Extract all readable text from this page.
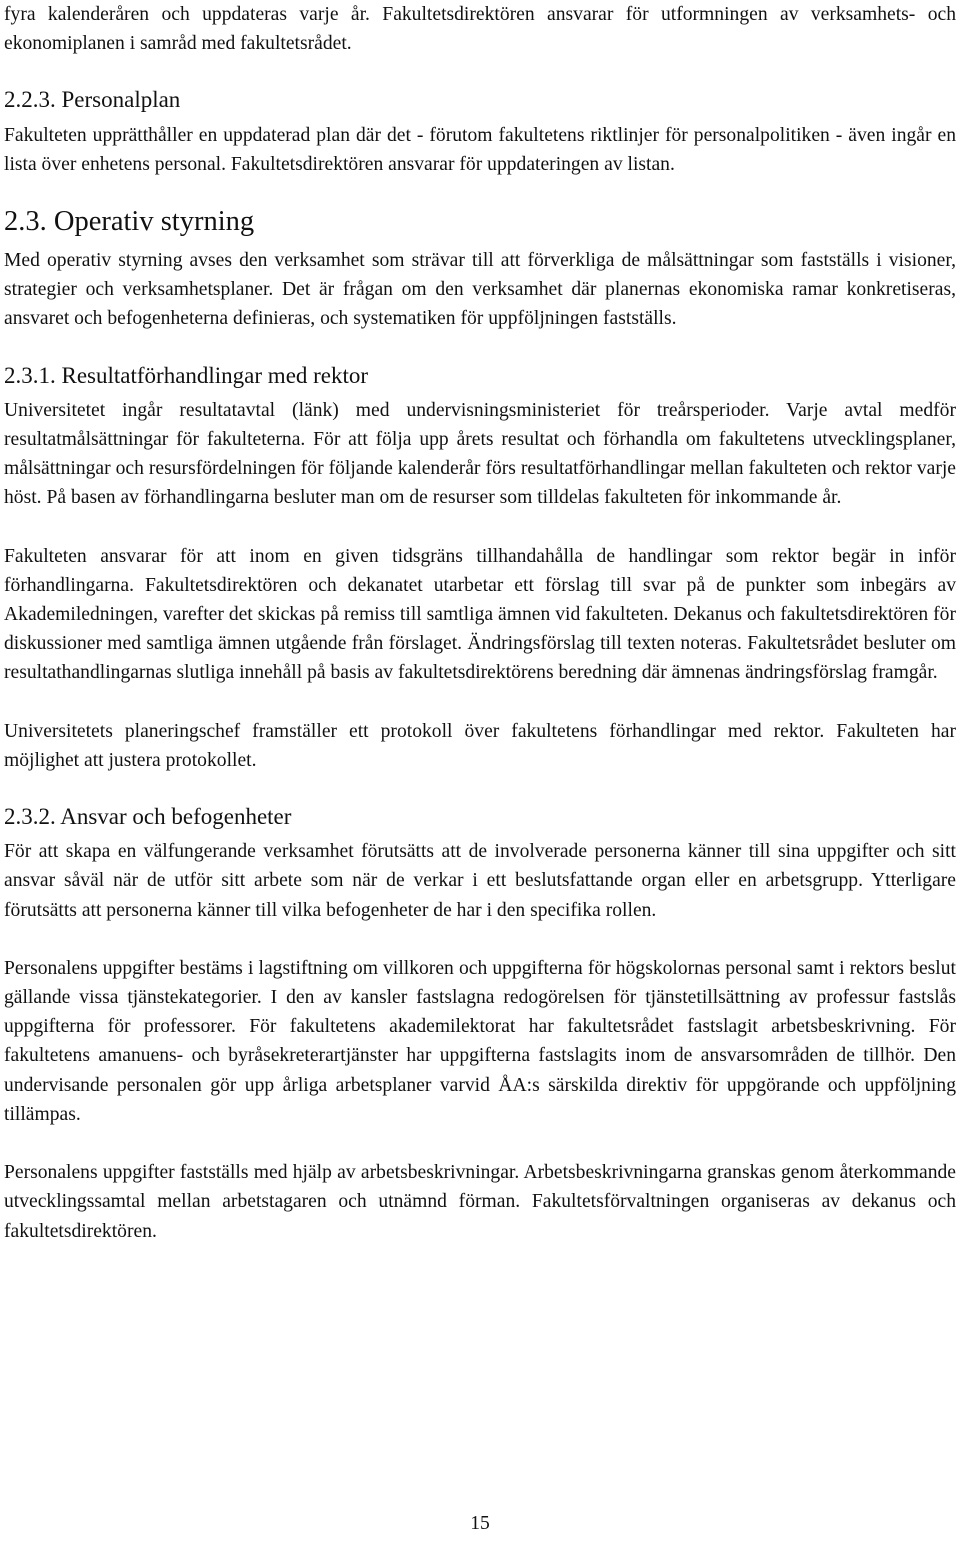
fyra kalenderåren och uppdateras varje år. Fakultetsdirektören ansvarar för utformningen av verksamhets- och ekonomiplanen i samråd med fakultetsrådet.

2.2.3. Personalplan

Fakulteten upprätthåller en uppdaterad plan där det - förutom fakultetens riktlinjer för personalpolitiken - även ingår en lista över enhetens personal. Fakultetsdirektören ansvarar för uppdateringen av listan.

2.3. Operativ styrning

Med operativ styrning avses den verksamhet som strävar till att förverkliga de målsättningar som fastställs i visioner, strategier och verksamhetsplaner. Det är frågan om den verksamhet där planernas ekonomiska ramar konkretiseras, ansvaret och befogenheterna definieras, och systematiken för uppföljningen fastställs.

2.3.1. Resultatförhandlingar med rektor

Universitetet ingår resultatavtal (länk) med undervisningsministeriet för treårsperioder. Varje avtal medför resultatmålsättningar för fakulteterna. För att följa upp årets resultat och förhandla om fakultetens utvecklingsplaner, målsättningar och resursfördelningen för följande kalenderår förs resultatförhandlingar mellan fakulteten och rektor varje höst. På basen av förhandlingarna besluter man om de resurser som tilldelas fakulteten för inkommande år.

Fakulteten ansvarar för att inom en given tidsgräns tillhandahålla de handlingar som rektor begär in inför förhandlingarna. Fakultetsdirektören och dekanatet utarbetar ett förslag till svar på de punkter som inbegärs av Akademiledningen, varefter det skickas på remiss till samtliga ämnen vid fakulteten. Dekanus och fakultetsdirektören för diskussioner med samtliga ämnen utgående från förslaget. Ändringsförslag till texten noteras. Fakultetsrådet besluter om resultathandlingarnas slutliga innehåll på basis av fakultetsdirektörens beredning där ämnenas ändringsförslag framgår.

Universitetets planeringschef framställer ett protokoll över fakultetens förhandlingar med rektor. Fakulteten har möjlighet att justera protokollet.

2.3.2. Ansvar och befogenheter

För att skapa en välfungerande verksamhet förutsätts att de involverade personerna känner till sina uppgifter och sitt ansvar såväl när de utför sitt arbete som när de verkar i ett beslutsfattande organ eller en arbetsgrupp. Ytterligare förutsätts att personerna känner till vilka befogenheter de har i den specifika rollen.

Personalens uppgifter bestäms i lagstiftning om villkoren och uppgifterna för högskolornas personal samt i rektors beslut gällande vissa tjänstekategorier. I den av kansler fastslagna redogörelsen för tjänstetillsättning av professur fastslås uppgifterna för professorer. För fakultetens akademilektorat har fakultetsrådet fastslagit arbetsbeskrivning. För fakultetens amanuens- och byråsekreterartjänster har uppgifterna fastslagits inom de ansvarsområden de tillhör. Den undervisande personalen gör upp årliga arbetsplaner varvid ÅA:s särskilda direktiv för uppgörande och uppföljning tillämpas.

Personalens uppgifter fastställs med hjälp av arbetsbeskrivningar. Arbetsbeskrivningarna granskas genom återkommande utvecklingssamtal mellan arbetstagaren och utnämnd förman. Fakultetsförvaltningen organiseras av dekanus och fakultetsdirektören.

15
